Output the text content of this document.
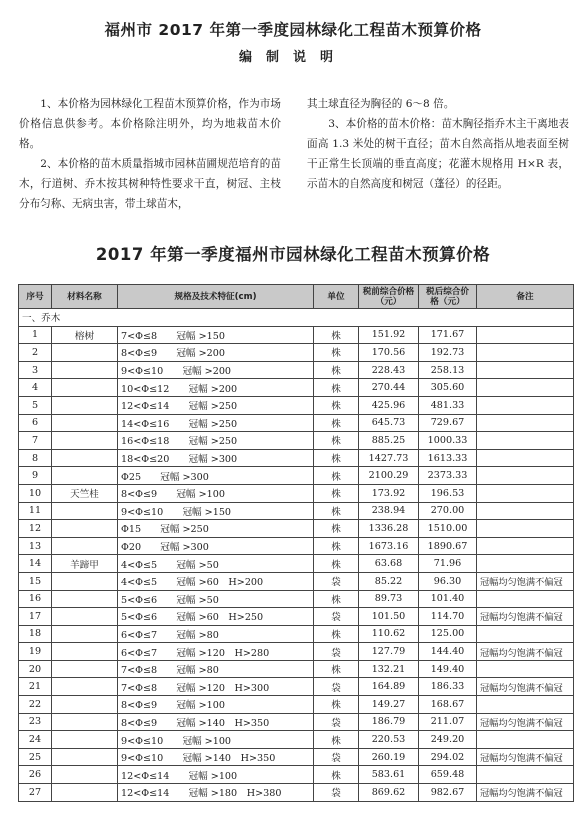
福州市 2017 年第一季度园林绿化工程苗木预算价格
编制说明

1、本价格为园林绿化工程苗木预算价格，作为市场价格信息供参考。本价格除注明外，均为地栽苗木价格。

2、本价格的苗木质量指城市园林苗圃规范培育的苗木，行道树、乔木按其树种特性要求干直，树冠、主枝分布匀称、无病虫害，带土球苗木，

其土球直径为胸径的 6～8 倍。

3、本价格的苗木价格：苗木胸径指乔木主干离地表面高 1.3 米处的树干直径；苗木自然高指从地表面至树干正常生长顶端的垂直高度；花灌木规格用 H×R 表，示苗木的自然高度和树冠（蓬径）的径距。

2017 年第一季度福州市园林绿化工程苗木预算价格
序号	材料名称	规格及技术特征(cm)	单位	税前综合价格（元）	税后综合价格（元）	备注
一、乔木						
1	榕树	7<Φ≤8　　冠幅 >150	株	151.92	171.67	
2		8<Φ≤9　　冠幅 >200	株	170.56	192.73	
3		9<Φ≤10　　冠幅 >200	株	228.43	258.13	
4		10<Φ≤12　　冠幅 >200	株	270.44	305.60	
5		12<Φ≤14　　冠幅 >250	株	425.96	481.33	
6		14<Φ≤16　　冠幅 >250	株	645.73	729.67	
7		16<Φ≤18　　冠幅 >250	株	885.25	1000.33	
8		18<Φ≤20　　冠幅 >300	株	1427.73	1613.33	
9		Φ25　　冠幅 >300	株	2100.29	2373.33	
10	天竺桂	8<Φ≤9　　冠幅 >100	株	173.92	196.53	
11		9<Φ≤10　　冠幅 >150	株	238.94	270.00	
12		Φ15　　冠幅 >250	株	1336.28	1510.00	
13		Φ20　　冠幅 >300	株	1673.16	1890.67	
14	羊蹄甲	4<Φ≤5　　冠幅 >50	株	63.68	71.96	
15		4<Φ≤5　　冠幅 >60　H>200	袋	85.22	96.30	冠幅均匀饱满不偏冠
16		5<Φ≤6　　冠幅 >50	株	89.73	101.40	
17		5<Φ≤6　　冠幅 >60　H>250	袋	101.50	114.70	冠幅均匀饱满不偏冠
18		6<Φ≤7　　冠幅 >80	株	110.62	125.00	
19		6<Φ≤7　　冠幅 >120　H>280	袋	127.79	144.40	冠幅均匀饱满不偏冠
20		7<Φ≤8　　冠幅 >80	株	132.21	149.40	
21		7<Φ≤8　　冠幅 >120　H>300	袋	164.89	186.33	冠幅均匀饱满不偏冠
22		8<Φ≤9　　冠幅 >100	株	149.27	168.67	
23		8<Φ≤9　　冠幅 >140　H>350	袋	186.79	211.07	冠幅均匀饱满不偏冠
24		9<Φ≤10　　冠幅 >100	株	220.53	249.20	
25		9<Φ≤10　　冠幅 >140　H>350	袋	260.19	294.02	冠幅均匀饱满不偏冠
26		12<Φ≤14　　冠幅 >100	株	583.61	659.48	
27		12<Φ≤14　　冠幅 >180　H>380	袋	869.62	982.67	冠幅均匀饱满不偏冠
